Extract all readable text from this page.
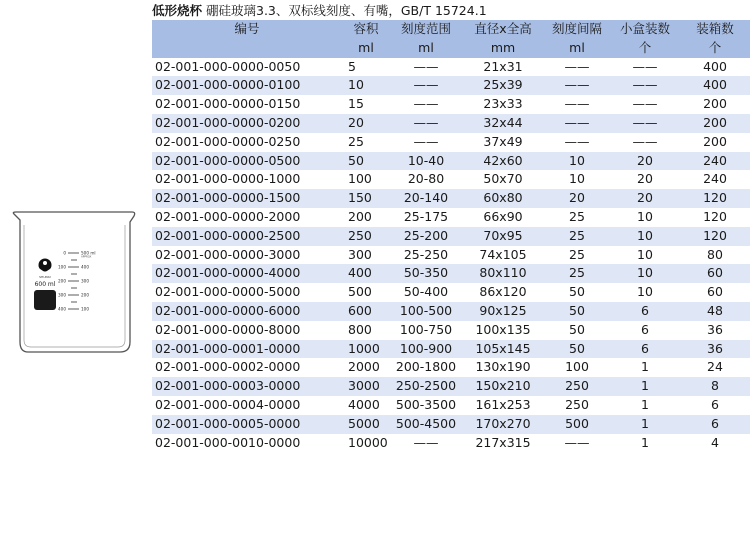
SHUNIU
600 ml
0
100
200
300
400
500 ml
400
300
200
100
APPROX
低形烧杯 硼硅玻璃3.3、双标线刻度、有嘴，GB/T 15724.1
编号	容积	刻度范围	直径x全高	刻度间隔	小盒装数	装箱数
	ml	ml	mm	ml	个	个
02-001-000-0000-0050	5	——	21x31	——	——	400
02-001-000-0000-0100	10	——	25x39	——	——	400
02-001-000-0000-0150	15	——	23x33	——	——	200
02-001-000-0000-0200	20	——	32x44	——	——	200
02-001-000-0000-0250	25	——	37x49	——	——	200
02-001-000-0000-0500	50	10-40	42x60	10	20	240
02-001-000-0000-1000	100	20-80	50x70	10	20	240
02-001-000-0000-1500	150	20-140	60x80	20	20	120
02-001-000-0000-2000	200	25-175	66x90	25	10	120
02-001-000-0000-2500	250	25-200	70x95	25	10	120
02-001-000-0000-3000	300	25-250	74x105	25	10	80
02-001-000-0000-4000	400	50-350	80x110	25	10	60
02-001-000-0000-5000	500	50-400	86x120	50	10	60
02-001-000-0000-6000	600	100-500	90x125	50	6	48
02-001-000-0000-8000	800	100-750	100x135	50	6	36
02-001-000-0001-0000	1000	100-900	105x145	50	6	36
02-001-000-0002-0000	2000	200-1800	130x190	100	1	24
02-001-000-0003-0000	3000	250-2500	150x210	250	1	8
02-001-000-0004-0000	4000	500-3500	161x253	250	1	6
02-001-000-0005-0000	5000	500-4500	170x270	500	1	6
02-001-000-0010-0000	10000	——	217x315	——	1	4
